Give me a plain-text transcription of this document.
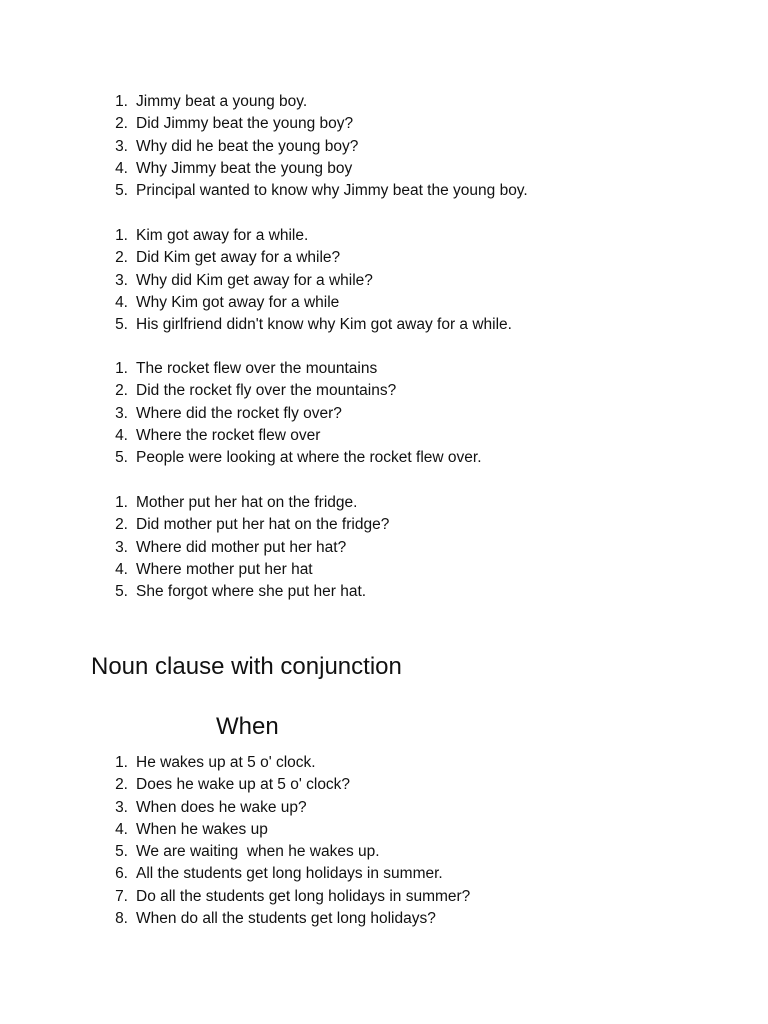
1. Jimmy beat a young boy.
2. Did Jimmy beat the young boy?
3. Why did he beat the young boy?
4. Why Jimmy beat the young boy
5. Principal wanted to know why Jimmy beat the young boy.
1. Kim got away for a while.
2. Did Kim get away for a while?
3. Why did Kim get away for a while?
4. Why Kim got away for a while
5. His girlfriend didn't know why Kim got away for a while.
1. The rocket flew over the mountains
2. Did the rocket fly over the mountains?
3. Where did the rocket fly over?
4. Where the rocket flew over
5. People were looking at where the rocket flew over.
1. Mother put her hat on the fridge.
2. Did mother put her hat on the fridge?
3. Where did mother put her hat?
4. Where mother put her hat
5. She forgot where she put her hat.
Noun clause with conjunction
When
1. He wakes up at 5 o' clock.
2. Does he wake up at 5 o' clock?
3. When does he wake up?
4. When he wakes up
5. We are waiting  when he wakes up.
6. All the students get long holidays in summer.
7. Do all the students get long holidays in summer?
8. When do all the students get long holidays?
